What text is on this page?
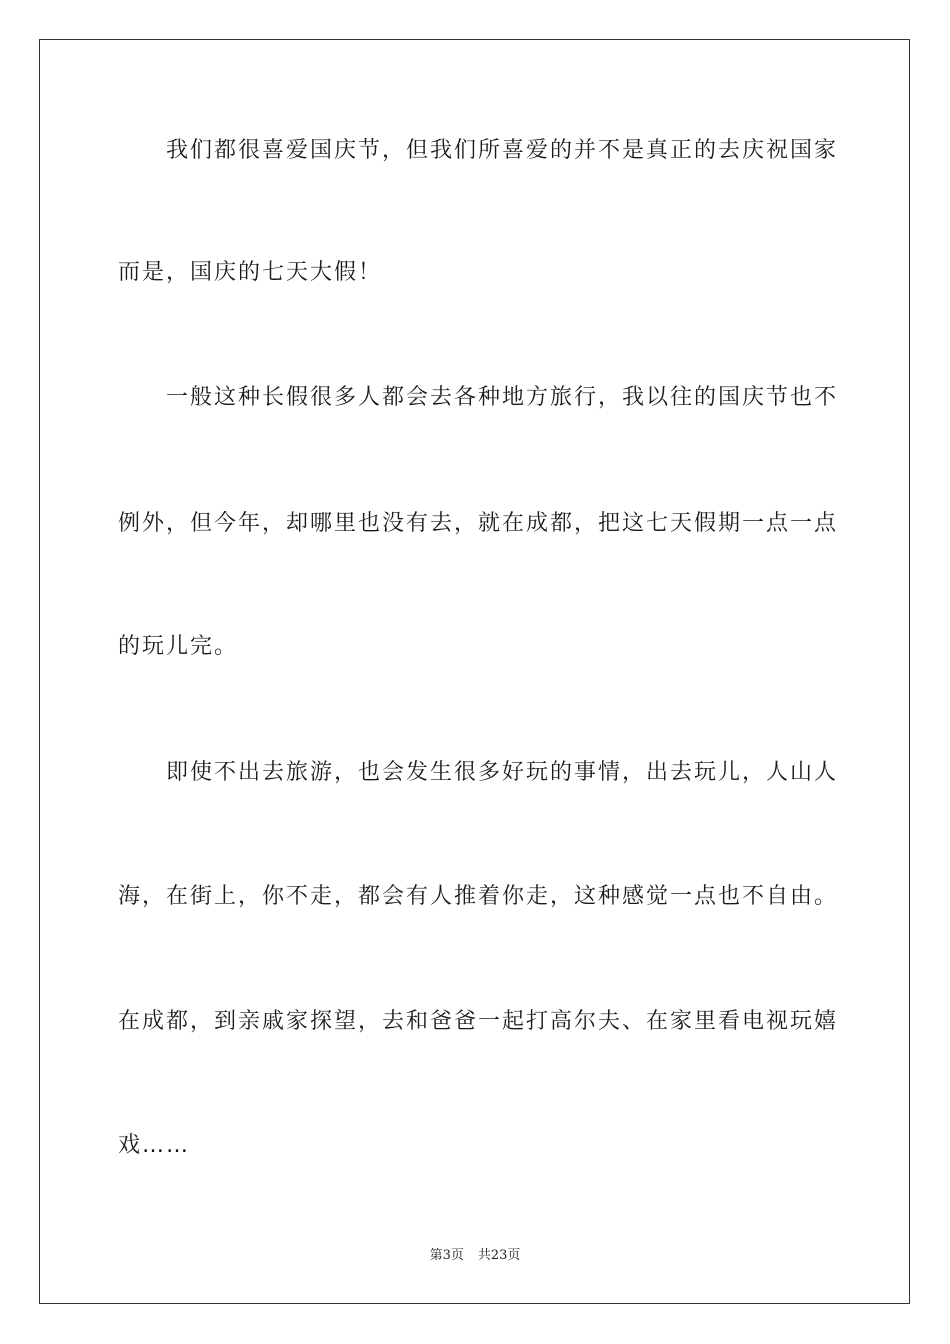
我们都很喜爱国庆节，但我们所喜爱的并不是真正的去庆祝国家
而是，国庆的七天大假！
一般这种长假很多人都会去各种地方旅行，我以往的国庆节也不
例外，但今年，却哪里也没有去，就在成都，把这七天假期一点一点
的玩儿完。
即使不出去旅游，也会发生很多好玩的事情，出去玩儿，人山人
海，在街上，你不走，都会有人推着你走，这种感觉一点也不自由。
在成都，到亲戚家探望，去和爸爸一起打高尔夫、在家里看电视玩嬉
戏……
第3页 共23页
